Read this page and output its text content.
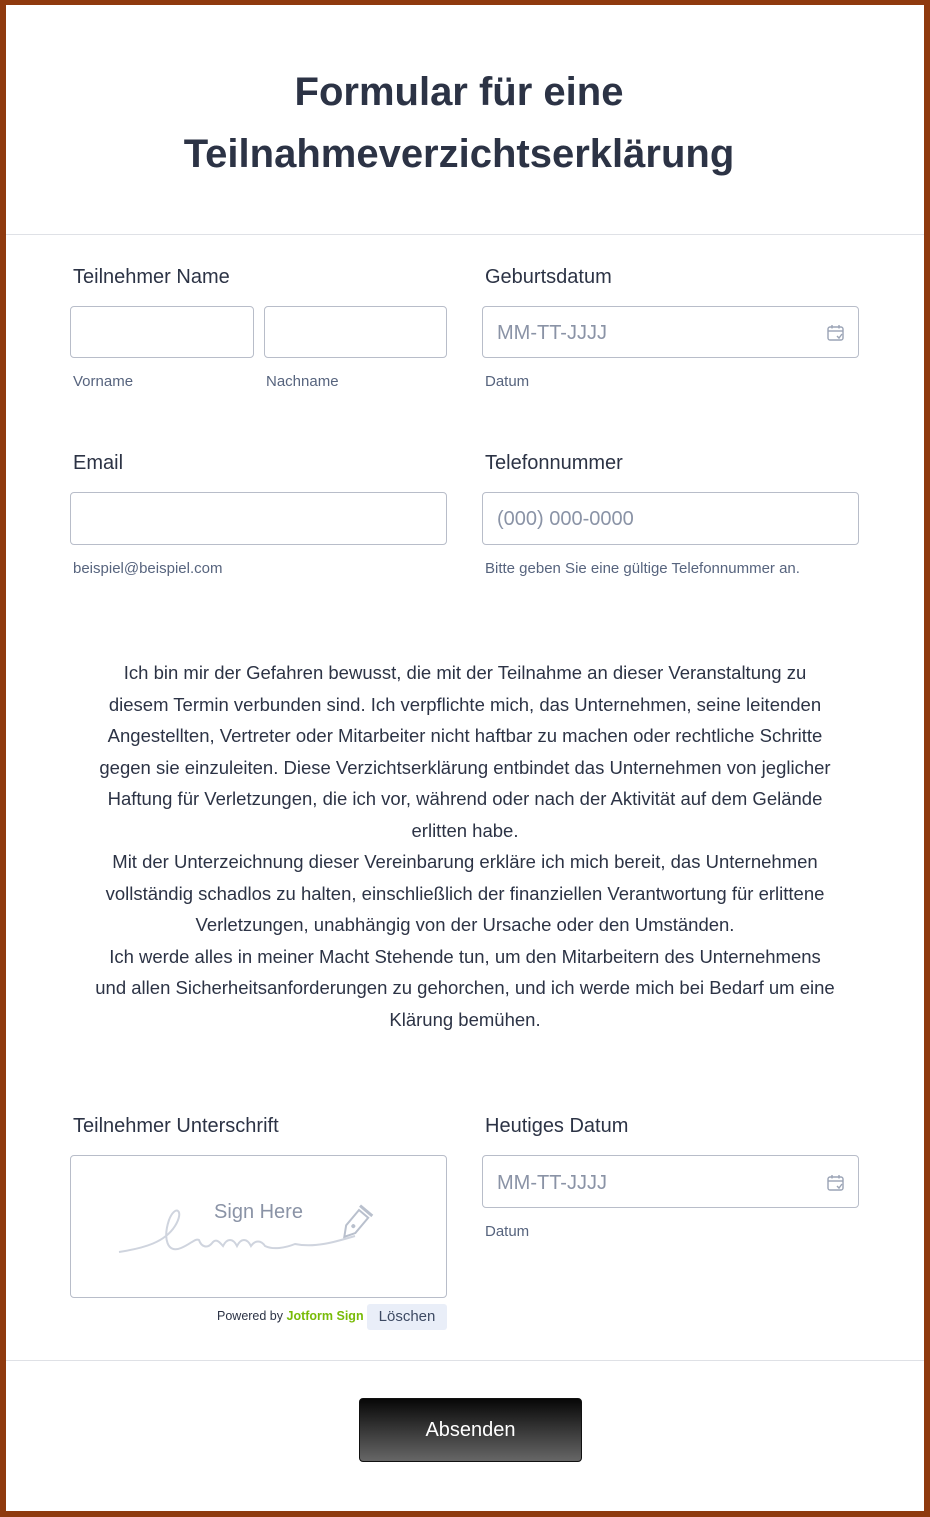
Formular für eine
Teilnahmeverzichtserklärung
Teilnehmer Name
Vorname	Nachname
Geburtsdatum
MM-TT-JJJJ
Datum
Email
beispiel@beispiel.com
Telefonnummer
(000) 000-0000
Bitte geben Sie eine gültige Telefonnummer an.
Ich bin mir der Gefahren bewusst, die mit der Teilnahme an dieser Veranstaltung zu
diesem Termin verbunden sind. Ich verpflichte mich, das Unternehmen, seine leitenden
Angestellten, Vertreter oder Mitarbeiter nicht haftbar zu machen oder rechtliche Schritte
gegen sie einzuleiten. Diese Verzichtserklärung entbindet das Unternehmen von jeglicher
Haftung für Verletzungen, die ich vor, während oder nach der Aktivität auf dem Gelände
erlitten habe.
Mit der Unterzeichnung dieser Vereinbarung erkläre ich mich bereit, das Unternehmen
vollständig schadlos zu halten, einschließlich der finanziellen Verantwortung für erlittene
Verletzungen, unabhängig von der Ursache oder den Umständen.
Ich werde alles in meiner Macht Stehende tun, um den Mitarbeitern des Unternehmens
und allen Sicherheitsanforderungen zu gehorchen, und ich werde mich bei Bedarf um eine
Klärung bemühen.
Teilnehmer Unterschrift
Sign Here
Powered by Jotform Sign	Löschen
Heutiges Datum
MM-TT-JJJJ
Datum
Absenden
